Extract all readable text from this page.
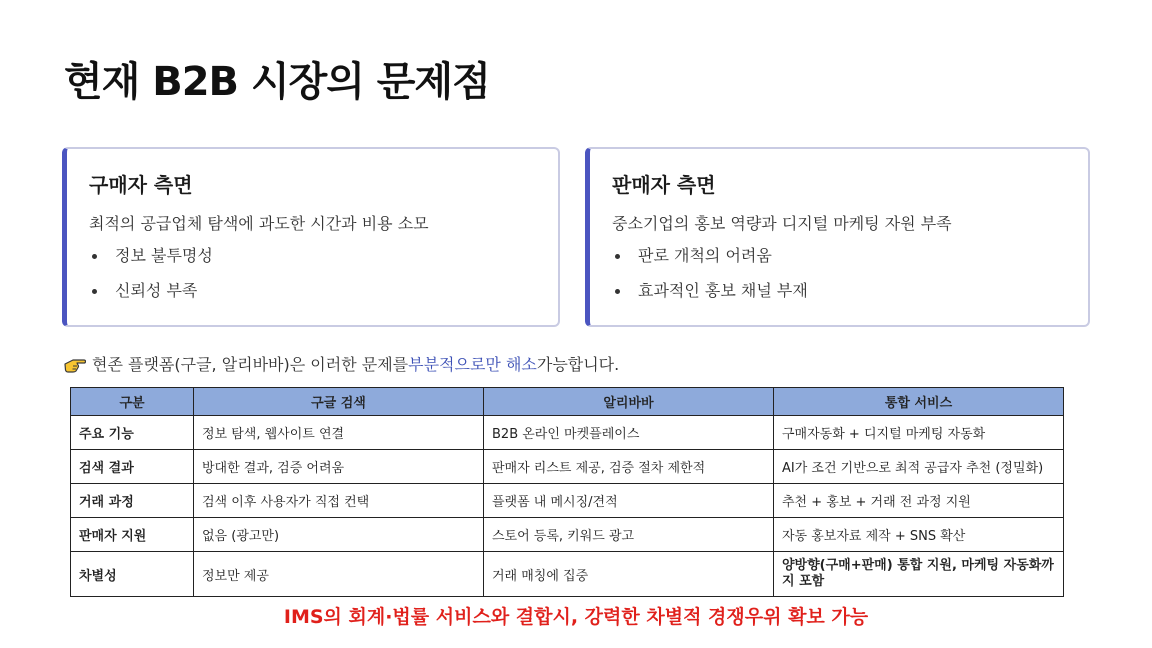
현재 B2B 시장의 문제점
구매자 측면
최적의 공급업체 탐색에 과도한 시간과 비용 소모
정보 불투명성
신뢰성 부족
판매자 측면
중소기업의 홍보 역량과 디지털 마케팅 자원 부족
판로 개척의 어려움
효과적인 홍보 채널 부재
현존 플랫폼(구글, 알리바바)은 이러한 문제를 부분적으로만 해소 가능합니다.
구분	구글 검색	알리바바	통합 서비스
주요 기능	정보 탐색, 웹사이트 연결	B2B 온라인 마켓플레이스	구매자동화 + 디지털 마케팅 자동화
검색 결과	방대한 결과, 검증 어려움	판매자 리스트 제공, 검증 절차 제한적	AI가 조건 기반으로 최적 공급자 추천 (정밀화)
거래 과정	검색 이후 사용자가 직접 컨택	플랫폼 내 메시징/견적	추천 + 홍보 + 거래 전 과정 지원
판매자 지원	없음 (광고만)	스토어 등록, 키워드 광고	자동 홍보자료 제작 + SNS 확산
차별성	정보만 제공	거래 매칭에 집중	양방향(구매+판매) 통합 지원, 마케팅 자동화까지 포함
IMS의 회계·법률 서비스와 결합시, 강력한 차별적 경쟁우위 확보 가능
